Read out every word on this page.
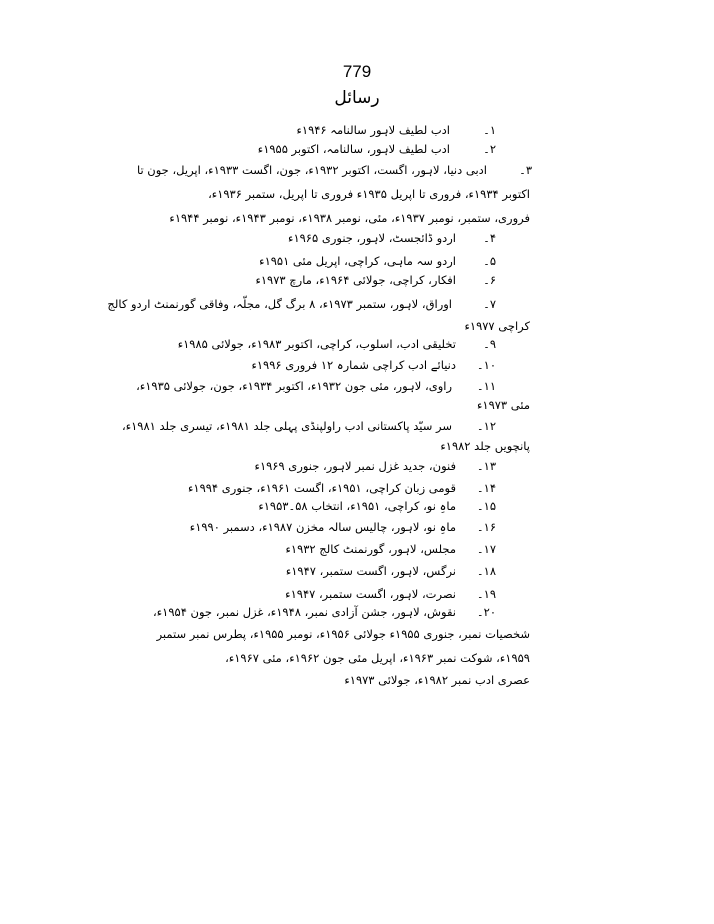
779
رسائل
۱۔
ادب لطیف لاہور سالنامہ ۱۹۴۶ء
۲۔
ادب لطیف لاہور، سالنامہ، اکتوبر ۱۹۵۵ء
۳۔
ادبی دنیا، لاہور، اگست، اکتوبر ۱۹۳۲ء، جون، اگست ۱۹۳۳ء، اپریل، جون تا
اکتوبر ۱۹۳۴ء، فروری تا اپریل ۱۹۳۵ء فروری تا اپریل، ستمبر ۱۹۳۶ء،
فروری، ستمبر، نومبر ۱۹۳۷ء، مئی، نومبر ۱۹۳۸ء، نومبر ۱۹۴۳ء، نومبر ۱۹۴۴ء
۴۔
اردو ڈائجسٹ، لاہور، جنوری ۱۹۶۵ء
۵۔
اردو سہ ماہی، کراچی، اپریل مئی ۱۹۵۱ء
۶۔
افکار، کراچی، جولائی ۱۹۶۴ء، مارچ ۱۹۷۳ء
۷۔
اوراق، لاہور، ستمبر ۱۹۷۳ء، ۸ برگ گل، مجلّہ، وفاقی گورنمنٹ اردو کالج
کراچی ۱۹۷۷ء
۹۔
تخلیقی ادب، اسلوب، کراچی، اکتوبر ۱۹۸۳ء، جولائی ۱۹۸۵ء
۱۰۔
دنیائے ادب کراچی شمارہ ۱۲ فروری ۱۹۹۶ء
۱۱۔
راوی، لاہور، مئی جون ۱۹۳۲ء، اکتوبر ۱۹۳۴ء، جون، جولائی ۱۹۳۵ء،
مئی ۱۹۷۳ء
۱۲۔
سر سیّد پاکستانی ادب راولپنڈی پہلی جلد ۱۹۸۱ء، تیسری جلد ۱۹۸۱ء،
پانچویں جلد ۱۹۸۲ء
۱۳۔
فنون، جدید غزل نمبر لاہور، جنوری ۱۹۶۹ء
۱۴۔
قومی زبان کراچی، ۱۹۵۱ء، اگست ۱۹۶۱ء، جنوری ۱۹۹۴ء
۱۵۔
ماہِ نو، کراچی، ۱۹۵۱ء، انتخاب ۵۸۔۱۹۵۳ء
۱۶۔
ماہِ نو، لاہور، چالیس سالہ مخزن ۱۹۸۷ء، دسمبر ۱۹۹۰ء
۱۷۔
مجلس، لاہور، گورنمنٹ کالج ۱۹۳۲ء
۱۸۔
نرگس، لاہور، اگست ستمبر، ۱۹۴۷ء
۱۹۔
نصرت، لاہور، اگست ستمبر، ۱۹۴۷ء
۲۰۔
نقوش، لاہور، جشن آزادی نمبر، ۱۹۴۸ء، غزل نمبر، جون ۱۹۵۴ء،
شخصیات نمبر، جنوری ۱۹۵۵ء جولائی ۱۹۵۶ء، نومبر ۱۹۵۵ء، پطرس نمبر ستمبر
۱۹۵۹ء، شوکت نمبر ۱۹۶۳ء، اپریل مئی جون ۱۹۶۲ء، مئی ۱۹۶۷ء،
عصری ادب نمبر ۱۹۸۲ء، جولائی ۱۹۷۳ء
